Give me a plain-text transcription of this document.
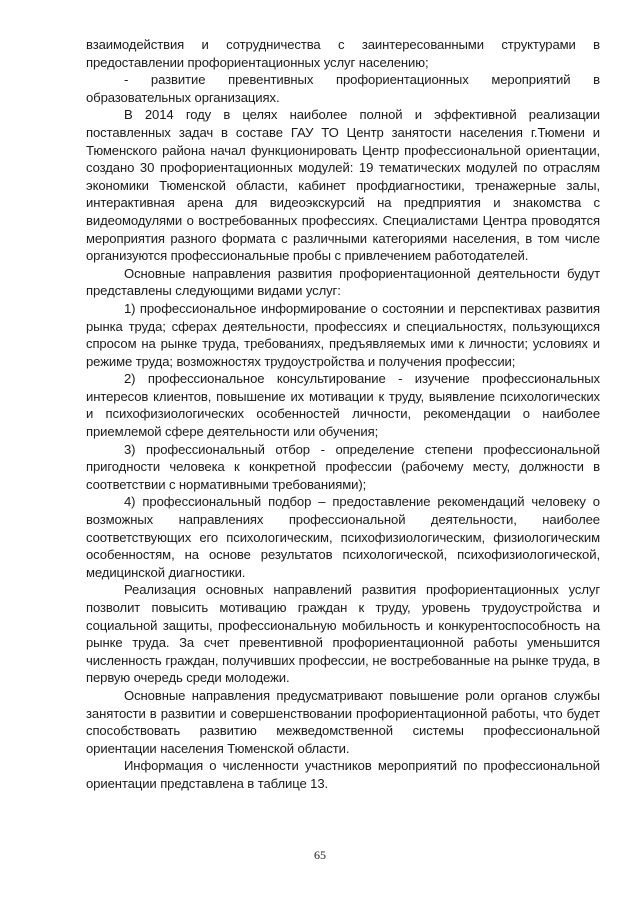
взаимодействия и сотрудничества с заинтересованными структурами в предоставлении профориентационных услуг населению;

- развитие превентивных профориентационных мероприятий в образовательных организациях.

В 2014 году в целях наиболее полной и эффективной реализации поставленных задач в составе ГАУ ТО Центр занятости населения г.Тюмени и Тюменского района начал функционировать Центр профессиональной ориентации, создано 30 профориентационных модулей: 19 тематических модулей по отраслям экономики Тюменской области, кабинет профдиагностики, тренажерные залы, интерактивная арена для видеоэкскурсий на предприятия и знакомства с видеомодулями о востребованных профессиях. Специалистами Центра проводятся мероприятия разного формата с различными категориями населения, в том числе организуются профессиональные пробы с привлечением работодателей.

Основные направления развития профориентационной деятельности будут представлены следующими видами услуг:

1) профессиональное информирование о состоянии и перспективах развития рынка труда; сферах деятельности, профессиях и специальностях, пользующихся спросом на рынке труда, требованиях, предъявляемых ими к личности; условиях и режиме труда; возможностях трудоустройства и получения профессии;

2) профессиональное консультирование - изучение профессиональных интересов клиентов, повышение их мотивации к труду, выявление психологических и психофизиологических особенностей личности, рекомендации о наиболее приемлемой сфере деятельности или обучения;

3) профессиональный отбор - определение степени профессиональной пригодности человека к конкретной профессии (рабочему месту, должности в соответствии с нормативными требованиями);

4) профессиональный подбор – предоставление рекомендаций человеку о возможных направлениях профессиональной деятельности, наиболее соответствующих его психологическим, психофизиологическим, физиологическим особенностям, на основе результатов психологической, психофизиологической, медицинской диагностики.

Реализация основных направлений развития профориентационных услуг позволит повысить мотивацию граждан к труду, уровень трудоустройства и социальной защиты, профессиональную мобильность и конкурентоспособность на рынке труда. За счет превентивной профориентационной работы уменьшится численность граждан, получивших профессии, не востребованные на рынке труда, в первую очередь среди молодежи.

Основные направления предусматривают повышение роли органов службы занятости в развитии и совершенствовании профориентационной работы, что будет способствовать развитию межведомственной системы профессиональной ориентации населения Тюменской области.

Информация о численности участников мероприятий по профессиональной ориентации представлена в таблице 13.

65
